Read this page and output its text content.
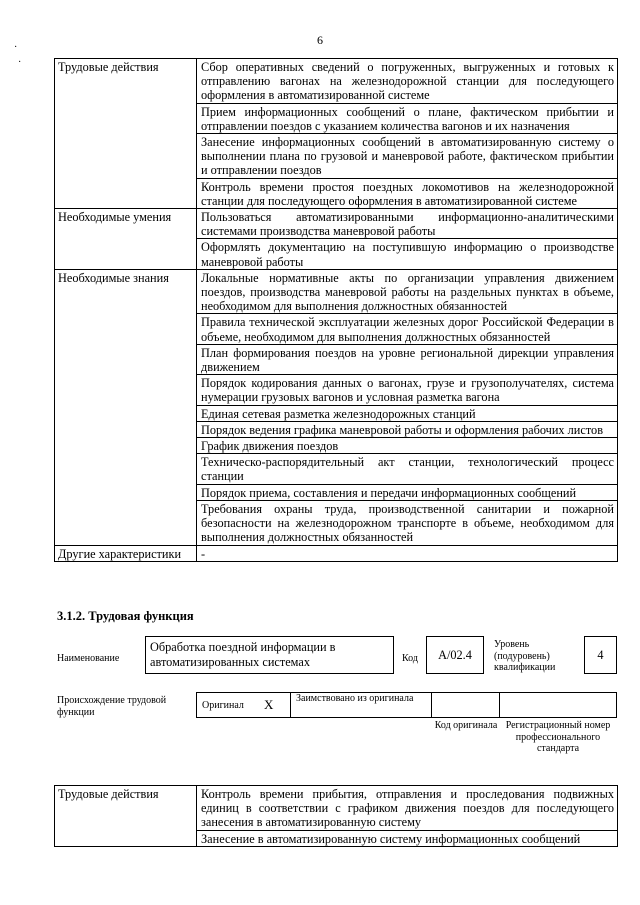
6
·
·	Трудовые действия	Сбор оперативных сведений о погруженных, выгруженных и готовых к отправлению вагонах на железнодорожной станции для последующего оформления в автоматизированной системе
	Прием информационных сообщений о плане, фактическом прибытии и отправлении поездов с указанием количества вагонов и их назначения
	Занесение информационных сообщений в автоматизированную систему о выполнении плана по грузовой и маневровой работе, фактическом прибытии и отправлении поездов
	Контроль времени простоя поездных локомотивов на железнодорожной станции для последующего оформления в автоматизированной системе
Необходимые умения	Пользоваться автоматизированными информационно-аналитическими системами производства маневровой работы
	Оформлять документацию на поступившую информацию о производстве маневровой работы
Необходимые знания	Локальные нормативные акты по организации управления движением поездов, производства маневровой работы на раздельных пунктах в объеме, необходимом для выполнения должностных обязанностей
	Правила технической эксплуатации железных дорог Российской Федерации в объеме, необходимом для выполнения должностных обязанностей
	План формирования поездов на уровне региональной дирекции управления движением
	Порядок кодирования данных о вагонах, грузе и грузополучателях, система нумерации грузовых вагонов и условная разметка вагона
	Единая сетевая разметка железнодорожных станций
	Порядок ведения графика маневровой работы и оформления рабочих листов
	График движения поездов
	Техническо-распорядительный акт станции, технологический процесс станции
	Порядок приема, составления и передачи информационных сообщений
	Требования охраны труда, производственной санитарии и пожарной безопасности на железнодорожном транспорте в объеме, необходимом для выполнения должностных обязанностей
Другие характеристики	-
3.1.2. Трудовая функция
Наименование
Обработка поездной информации в автоматизированных системах	Код	A/02.4
Уровень (подуровень) квалификации
4
Происхождение трудовой функции
Оригинал X Заимствовано из оригинала
Код оригинала Регистрационный номер профессионального стандарта
Трудовые действия	Контроль времени прибытия, отправления и проследования подвижных единиц в соответствии с графиком движения поездов для последующего занесения в автоматизированную систему
Занесение в автоматизированную систему информационных сообщений
